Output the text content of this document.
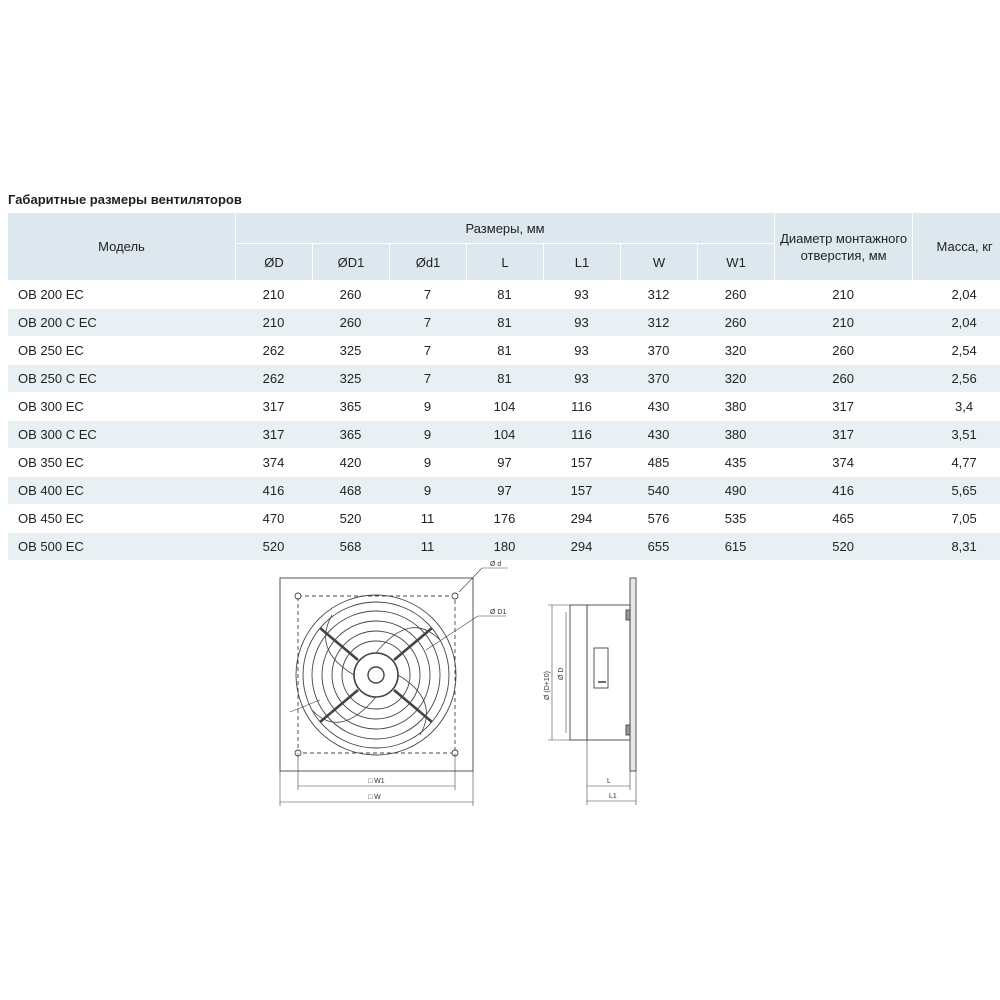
Габаритные размеры вентиляторов
Модель	Размеры, мм							Диаметр монтажного отверстия, мм	Масса, кг
	ØD	ØD1	Ød1	L	L1	W	W1		
OB 200 EC	210	260	7	81	93	312	260	210	2,04
OB 200 C EC	210	260	7	81	93	312	260	210	2,04
OB 250 EC	262	325	7	81	93	370	320	260	2,54
OB 250 C EC	262	325	7	81	93	370	320	260	2,56
OB 300 EC	317	365	9	104	116	430	380	317	3,4
OB 300 C EC	317	365	9	104	116	430	380	317	3,51
OB 350 EC	374	420	9	97	157	485	435	374	4,77
OB 400 EC	416	468	9	97	157	540	490	416	5,65
OB 450 EC	470	520	11	176	294	576	535	465	7,05
OB 500 EC	520	568	11	180	294	655	615	520	8,31
Ø d
Ø D1
□ W1
□ W
Ø (D+10) Ø D
L
L1
